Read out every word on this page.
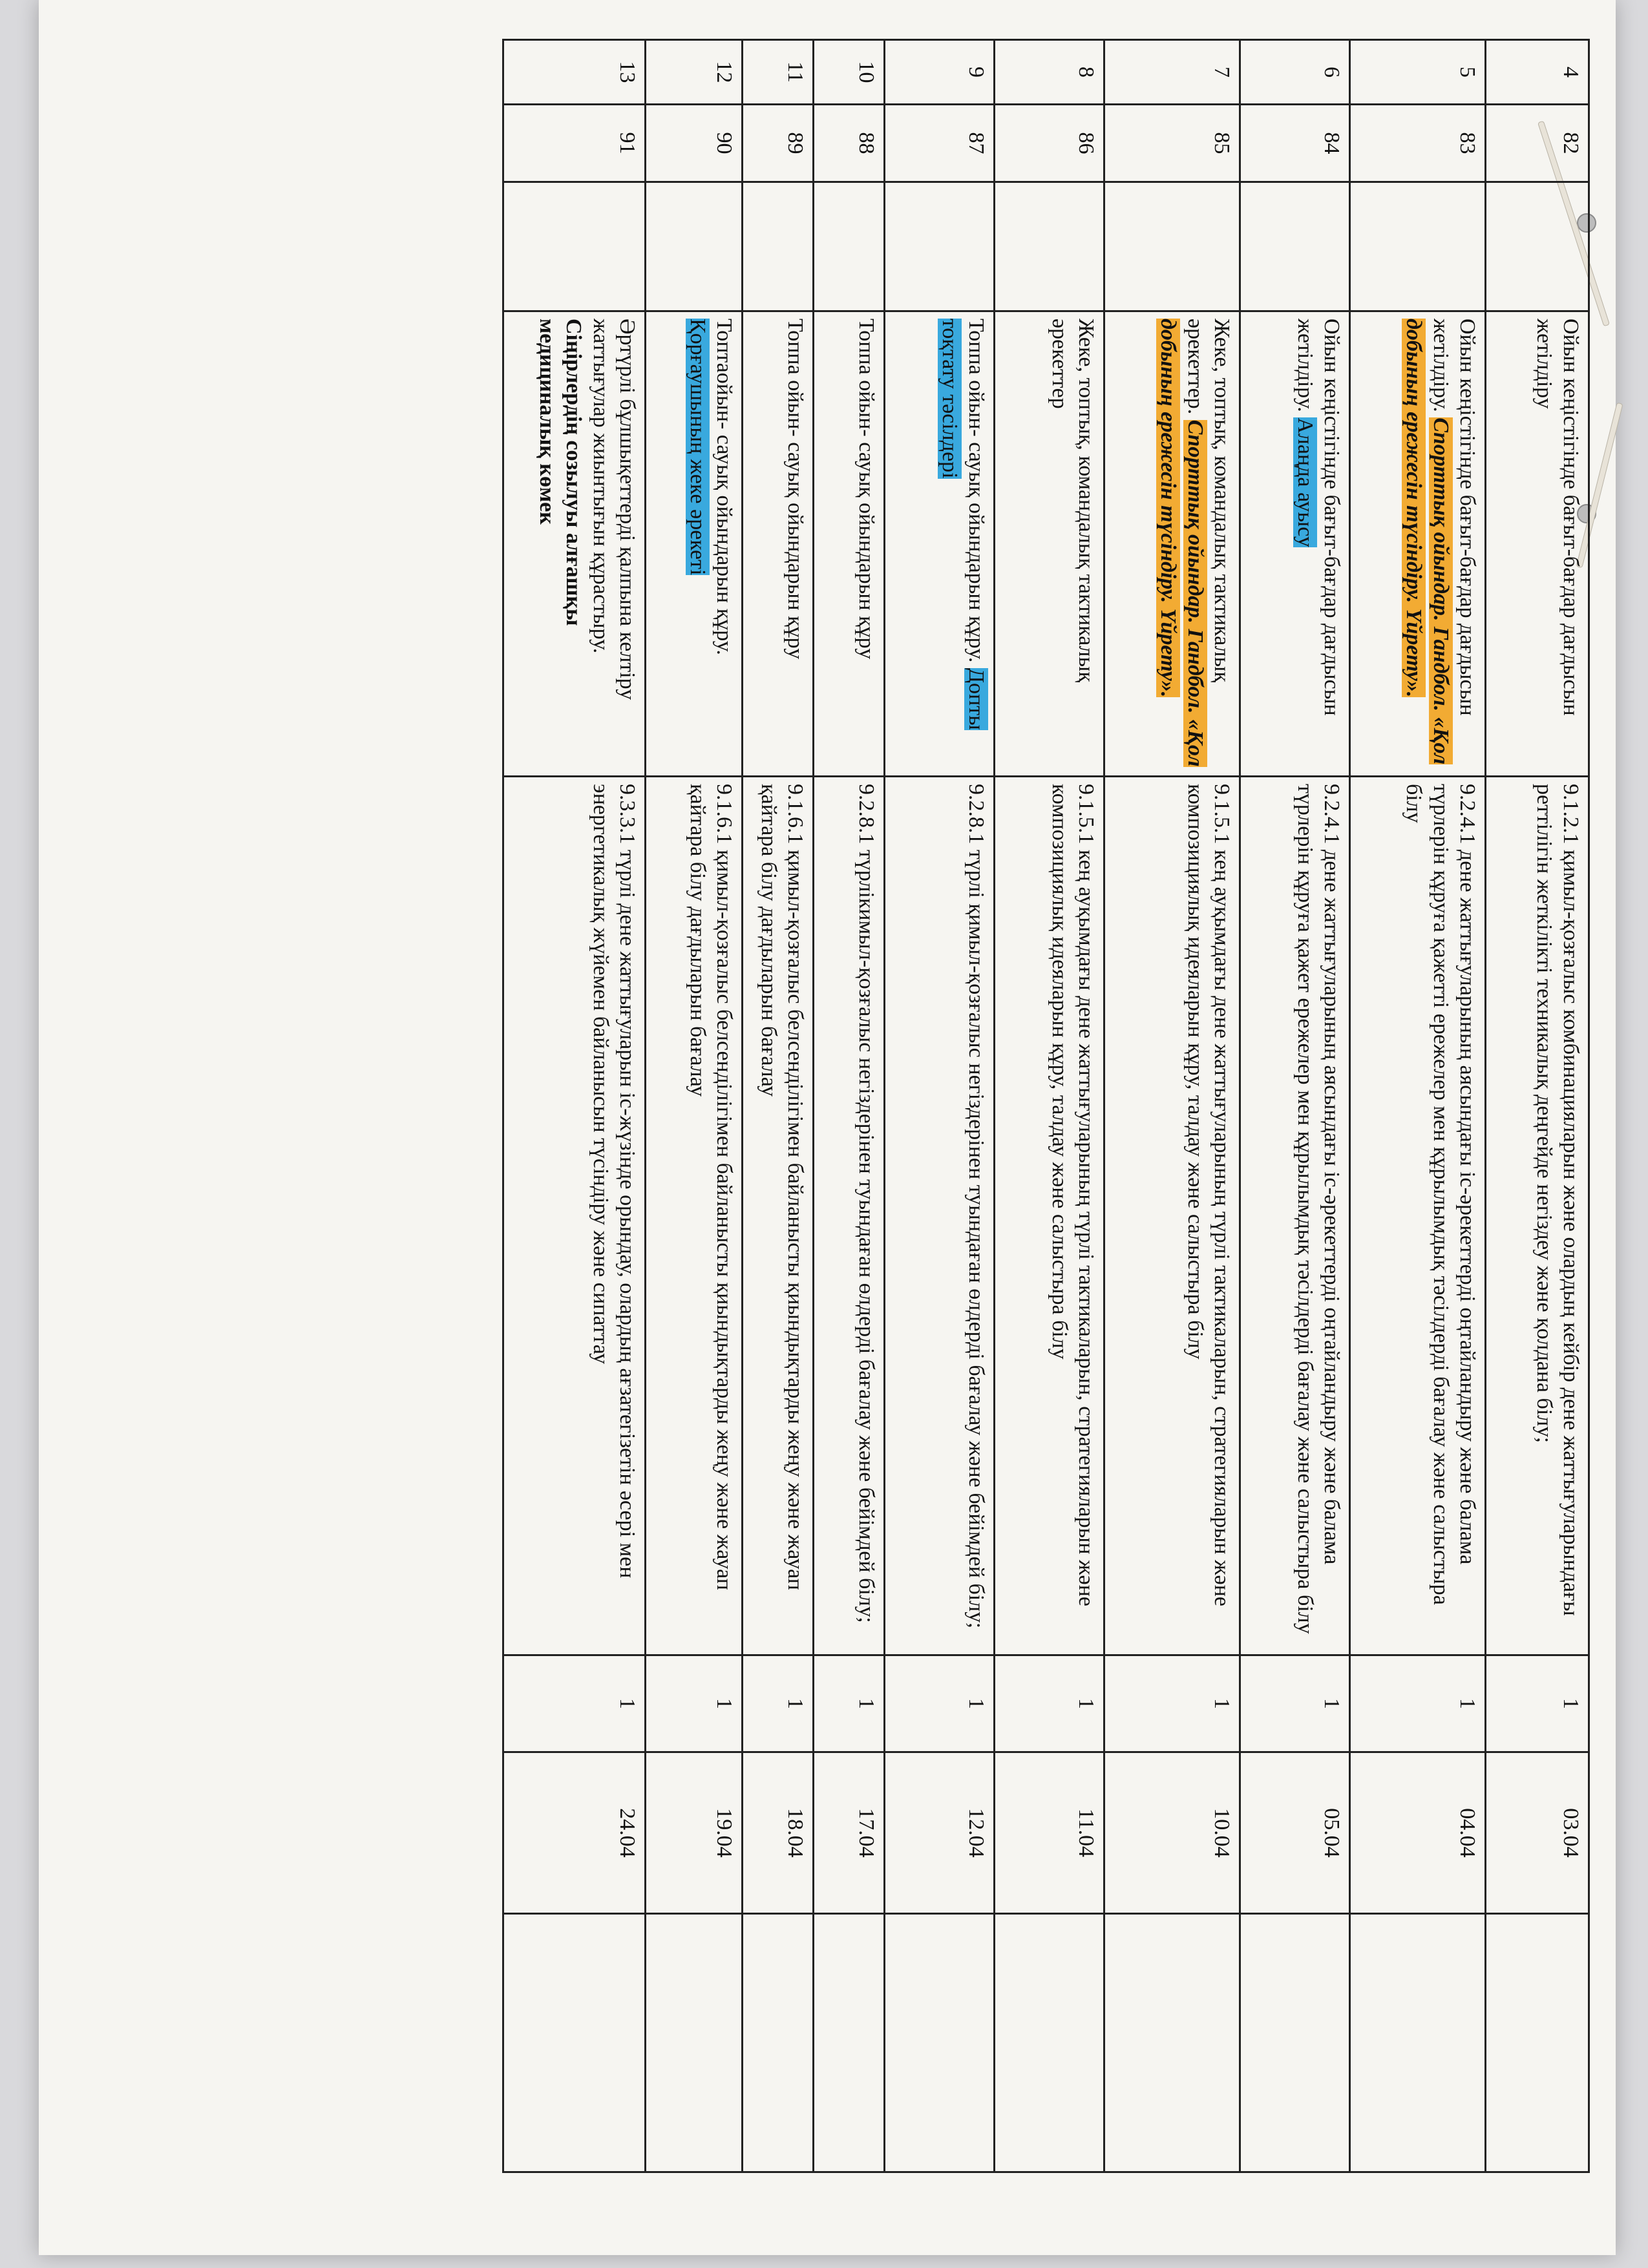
4	82		Ойын кеңістігінде бағыт-бағдар дағдысын жетілдіру	9.1.2.1 қимыл-қозғалыс комбинацияларын және олардың кейбір дене жаттығуларындағы реттілігін жеткілікті техникалық деңгейде негіздеу және қолдана білу;	1	03.04	
5	83		Ойын кеңістігінде бағыт-бағдар дағдысын жетілдіру. Спорттық ойындар. Гандбол. «Қол добының ережесін түсіндіру. Үйрету».	9.2.4.1 дене жаттығуларының аясындағы іс-әрекеттерді оңтайландыру және балама түрлерін құруға қажетті ережелер мен құрылымдық тәсілдерді бағалау және салыстыра білу	1	04.04	
6	84		Ойын кеңістігінде бағыт-бағдар дағдысын жетілдіру. Алаңда ауысу	9.2.4.1 дене жаттығуларының аясындағы іс-әрекеттерді оңтайландыру және балама түрлерін құруға қажет ережелер мен құрылымдық тәсілдерді бағалау және салыстыра білу	1	05.04	
7	85		Жеке, топтық, командалық тактикалық әрекеттер. Спорттық ойындар. Гандбол. «Қол добының ережесін түсіндіру. Үйрету».	9.1.5.1 кең ауқымдағы дене жаттығуларының түрлі тактикаларын, стратегияларын және композициялық идеяларын құру, талдау және салыстыра білу	1	10.04	
8	86		Жеке, топтық, командалық тактикалық әрекеттер	9.1.5.1 кең ауқымдағы дене жаттығуларының түрлі тактикаларын, стратегияларын және композициялық идеяларын құру, талдау және салыстыра білу	1	11.04	
9	87		Топпа ойын- сауық ойындарын құру. Допты тоқтату тәсілдері	9.2.8.1 түрлі қимыл-қозғалыс негіздерінен туындаған өлдерді бағалау және бейімдей білу;	1	12.04	
10	88		Топпа ойын- сауық ойындарын құру	9.2.8.1 түрлікимыл-қозғалыс негіздерінен туындаған өлдерді бағалау және бейімдей білу;	1	17.04	
11	89		Топпа ойын- сауық ойындарын құру	9.1.6.1 қимыл-қозғалыс белсенділігімен байланысты қиындықтарды жеңу және жауап қайтара білу дағдыларын бағалау	1	18.04	
12	90		Топтаойын- сауық ойындарын құру. Қорғаушының жеке әрекеті	9.1.6.1 қимыл-қозғалыс белсенділігімен байланысты қиындықтарды жеңу және жауап қайтара білу дағдыларын бағалау	1	19.04	
13	91		Әртүрлі бұлшықеттерді қалпына келтіру жаттығулар жиынтығын құрастыру. Сіңірлердің созылуы алғашқы медициналық көмек	9.3.3.1 түрлі дене жаттығуларын іс-жүзінде орындау, олардың ағзатегізетін әсері мен энергетикалық жүйемен байланысын түсіндіру және сипаттау	1	24.04	
